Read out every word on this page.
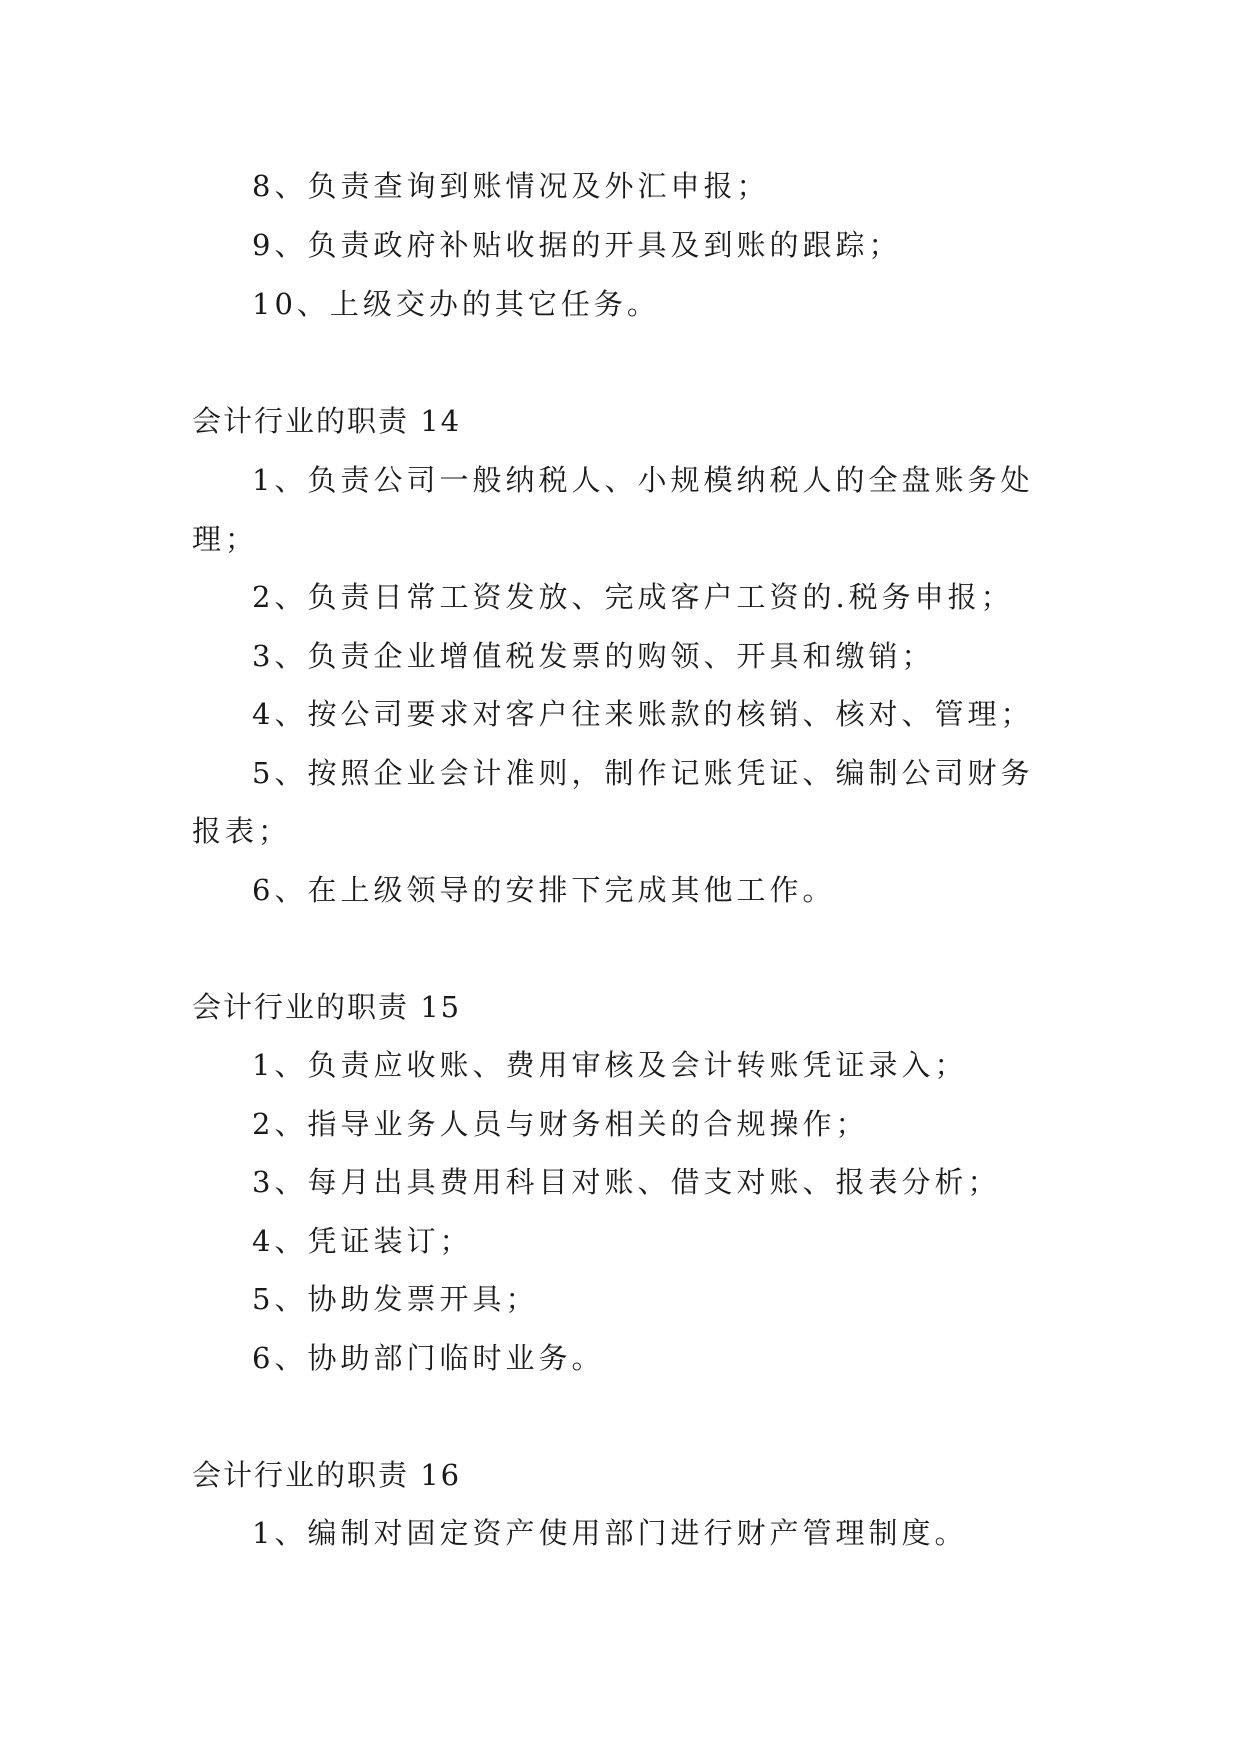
8、负责查询到账情况及外汇申报；
9、负责政府补贴收据的开具及到账的跟踪；
10、上级交办的其它任务。
会计行业的职责 14
1、负责公司一般纳税人、小规模纳税人的全盘账务处
理；
2、负责日常工资发放、完成客户工资的.税务申报；
3、负责企业增值税发票的购领、开具和缴销；
4、按公司要求对客户往来账款的核销、核对、管理；
5、按照企业会计准则，制作记账凭证、编制公司财务
报表；
6、在上级领导的安排下完成其他工作。
会计行业的职责 15
1、负责应收账、费用审核及会计转账凭证录入；
2、指导业务人员与财务相关的合规操作；
3、每月出具费用科目对账、借支对账、报表分析；
4、凭证装订；
5、协助发票开具；
6、协助部门临时业务。
会计行业的职责 16
1、编制对固定资产使用部门进行财产管理制度。
